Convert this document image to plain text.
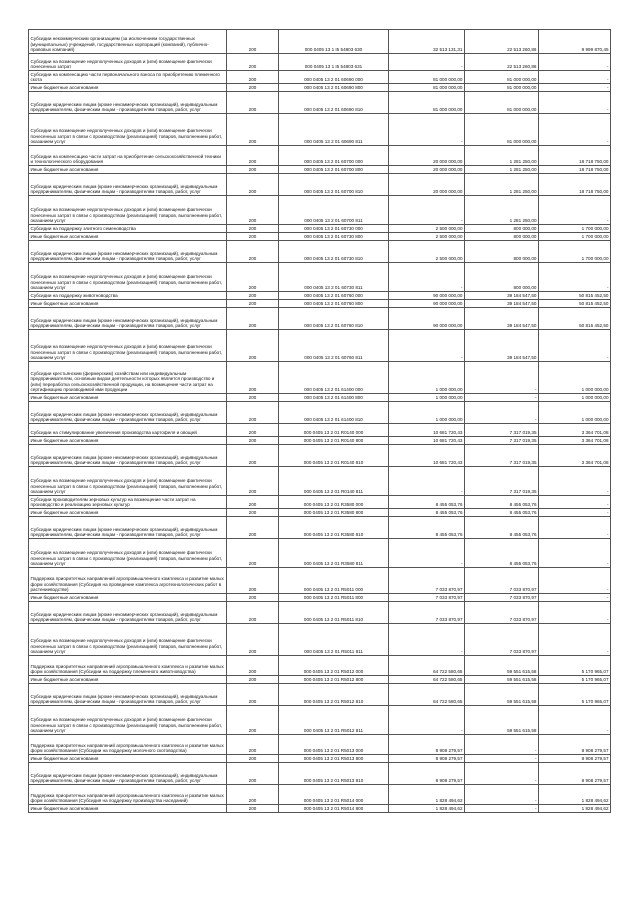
Субсидии некоммерческим организациям (за исключением государственных (муниципальных) учреждений, государственных корпораций (компаний), публично-правовых компаний)	200	000 0405 13 1 I5 54803 630	32 513 131,31	22 513 260,86	9 999 870,45
Субсидии на возмещение недополученных доходов и (или) возмещение фактически понесенных затрат	200	000 0405 13 1 I5 54803 631	-	22 513 260,86	-
Субсидии на компенсацию части первоначального взноса по приобретению племенного скота	200	000 0405 13 2 01 60690 000	81 000 000,00	81 000 000,00	-
Иные бюджетные ассигнования	200	000 0405 13 2 01 60690 800	81 000 000,00	81 000 000,00	-
Субсидии юридическим лицам (кроме некоммерческих организаций), индивидуальным предпринимателям, физическим лицам - производителям товаров, работ, услуг	200	000 0405 13 2 01 60690 810	81 000 000,00	81 000 000,00	-
Субсидии на возмещение недополученных доходов и (или) возмещение фактически понесенных затрат в связи с производством (реализацией) товаров, выполнением работ, оказанием услуг	200	000 0405 13 2 01 60690 811	-	81 000 000,00	-
Субсидии на компенсацию части затрат на приобретение сельскохозяйственной техники и технологического оборудования	200	000 0405 13 2 01 60700 000	20 000 000,00	1 281 250,00	18 718 750,00
Иные бюджетные ассигнования	200	000 0405 13 2 01 60700 800	20 000 000,00	1 281 250,00	18 718 750,00
Субсидии юридическим лицам (кроме некоммерческих организаций), индивидуальным предпринимателям, физическим лицам - производителям товаров, работ, услуг	200	000 0405 13 2 01 60700 810	20 000 000,00	1 281 250,00	18 718 750,00
Субсидии на возмещение недополученных доходов и (или) возмещение фактически понесенных затрат в связи с производством (реализацией) товаров, выполнением работ, оказанием услуг	200	000 0405 13 2 01 60700 811	-	1 281 250,00	-
Субсидии на поддержку элитного семеноводства	200	000 0405 13 2 01 60730 000	2 500 000,00	800 000,00	1 700 000,00
Иные бюджетные ассигнования	200	000 0405 13 2 01 60730 800	2 500 000,00	800 000,00	1 700 000,00
Субсидии юридическим лицам (кроме некоммерческих организаций), индивидуальным предпринимателям, физическим лицам - производителям товаров, работ, услуг	200	000 0405 13 2 01 60730 810	2 500 000,00	800 000,00	1 700 000,00
Субсидии на возмещение недополученных доходов и (или) возмещение фактически понесенных затрат в связи с производством (реализацией) товаров, выполнением работ, оказанием услуг	200	000 0405 13 2 01 60730 811	-	800 000,00	-
Субсидии на поддержку животноводства	200	000 0405 13 2 01 60760 000	90 000 000,00	39 184 547,50	50 815 452,50
Иные бюджетные ассигнования	200	000 0405 13 2 01 60760 800	90 000 000,00	39 184 547,50	50 815 452,50
Субсидии юридическим лицам (кроме некоммерческих организаций), индивидуальным предпринимателям, физическим лицам - производителям товаров, работ, услуг	200	000 0405 13 2 01 60760 810	90 000 000,00	39 184 547,50	50 815 452,50
Субсидии на возмещение недополученных доходов и (или) возмещение фактически понесенных затрат в связи с производством (реализацией) товаров, выполнением работ, оказанием услуг	200	000 0405 13 2 01 60760 811	-	39 184 547,50	-
Субсидии крестьянским (фермерским) хозяйствам или индивидуальным предпринимателям, основным видом деятельности которых является производство и (или) переработка сельскохозяйственной продукции, на возмещение части затрат на сертификацию производимой ими продукции	200	000 0405 13 2 01 61400 000	1 000 000,00	-	1 000 000,00
Иные бюджетные ассигнования	200	000 0405 13 2 01 61400 800	1 000 000,00	-	1 000 000,00
Субсидии юридическим лицам (кроме некоммерческих организаций), индивидуальным предпринимателям, физическим лицам - производителям товаров, работ, услуг	200	000 0405 13 2 01 61400 810	1 000 000,00	-	1 000 000,00
Субсидии на стимулирование увеличения производства картофеля и овощей	200	000 0405 13 2 01 R0140 000	10 681 720,43	7 317 019,35	3 364 701,08
Иные бюджетные ассигнования	200	000 0405 13 2 01 R0140 800	10 681 720,43	7 317 019,35	3 364 701,08
Субсидии юридическим лицам (кроме некоммерческих организаций), индивидуальным предпринимателям, физическим лицам - производителям товаров, работ, услуг	200	000 0405 13 2 01 R0140 810	10 681 720,43	7 317 019,35	3 364 701,08
Субсидии на возмещение недополученных доходов и (или) возмещение фактически понесенных затрат в связи с производством (реализацией) товаров, выполнением работ, оказанием услуг	200	000 0405 13 2 01 R0140 811	-	7 317 019,35	-
Субсидии производителям зерновых культур на возмещение части затрат на производство и реализацию зерновых культур	200	000 0405 13 2 01 R3580 000	8 455 053,76	8 455 053,76	-
Иные бюджетные ассигнования	200	000 0405 13 2 01 R3580 800	8 455 053,76	8 455 053,76	-
Субсидии юридическим лицам (кроме некоммерческих организаций), индивидуальным предпринимателям, физическим лицам - производителям товаров, работ, услуг	200	000 0405 13 2 01 R3580 810	8 455 053,76	8 455 053,76	-
Субсидии на возмещение недополученных доходов и (или) возмещение фактически понесенных затрат в связи с производством (реализацией) товаров, выполнением работ, оказанием услуг	200	000 0405 13 2 01 R3580 811	-	8 455 053,76	-
Поддержка приоритетных направлений агропромышленного комплекса и развитие малых форм хозяйствования (Субсидия на проведение комплекса агротехнологических работ в растениеводстве)	200	000 0405 13 2 01 R5011 000	7 033 870,97	7 033 870,97	-
Иные бюджетные ассигнования	200	000 0405 13 2 01 R5011 800	7 033 870,97	7 033 870,97	-
Субсидии юридическим лицам (кроме некоммерческих организаций), индивидуальным предпринимателям, физическим лицам - производителям товаров, работ, услуг	200	000 0405 13 2 01 R5011 810	7 033 870,97	7 033 870,97	-
Субсидии на возмещение недополученных доходов и (или) возмещение фактически понесенных затрат в связи с производством (реализацией) товаров, выполнением работ, оказанием услуг	200	000 0405 13 2 01 R5011 811	-	7 033 870,97	-
Поддержка приоритетных направлений агропромышленного комплекса и развитие малых форм хозяйствования (Субсидии на поддержку племенного животноводства)	200	000 0405 13 2 01 R5012 000	64 722 580,65	59 551 615,58	5 170 965,07
Иные бюджетные ассигнования	200	000 0405 13 2 01 R5012 800	64 722 580,65	59 551 615,58	5 170 965,07
Субсидии юридическим лицам (кроме некоммерческих организаций), индивидуальным предпринимателям, физическим лицам - производителям товаров, работ, услуг	200	000 0405 13 2 01 R5012 810	64 722 580,65	59 551 615,58	5 170 965,07
Субсидии на возмещение недополученных доходов и (или) возмещение фактически понесенных затрат в связи с производством (реализацией) товаров, выполнением работ, оказанием услуг	200	000 0405 13 2 01 R5012 811	-	59 551 615,58	-
Поддержка приоритетных направлений агропромышленного комплекса и развитие малых форм хозяйствования (Субсидии на поддержку молочного скотоводства)	200	000 0405 13 2 01 R5013 000	8 908 279,57	-	8 908 279,57
Иные бюджетные ассигнования	200	000 0405 13 2 01 R5013 800	8 908 279,57	-	8 908 279,57
Субсидии юридическим лицам (кроме некоммерческих организаций), индивидуальным предпринимателям, физическим лицам - производителям товаров, работ, услуг	200	000 0405 13 2 01 R5013 810	8 908 279,57	-	8 908 279,57
Поддержка приоритетных направлений агропромышленного комплекса и развитие малых форм хозяйствования (Субсидия на поддержку производства наседаний)	200	000 0405 13 2 01 R5014 000	1 828 494,62	-	1 828 494,62
Иные бюджетные ассигнования	200	000 0405 13 2 01 R5014 800	1 828 494,62	-	1 828 494,62
